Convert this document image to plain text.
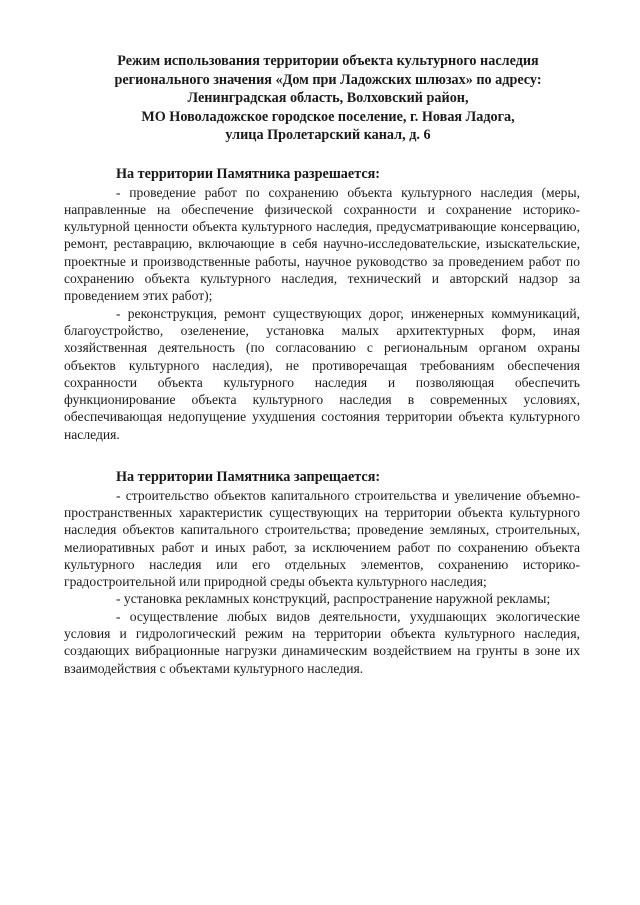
Режим использования территории объекта культурного наследия
регионального значения «Дом при Ладожских шлюзах» по адресу:
Ленинградская область, Волховский район,
МО Новоладожское городское поселение, г. Новая Ладога,
улица Пролетарский канал, д. 6

На территории Памятника разрешается:

- проведение работ по сохранению объекта культурного наследия (меры, направленные на обеспечение физической сохранности и сохранение историко-культурной ценности объекта культурного наследия, предусматривающие консервацию, ремонт, реставрацию, включающие в себя научно-исследовательские, изыскательские, проектные и производственные работы, научное руководство за проведением работ по сохранению объекта культурного наследия, технический и авторский надзор за проведением этих работ);

- реконструкция, ремонт существующих дорог, инженерных коммуникаций, благоустройство, озеленение, установка малых архитектурных форм, иная хозяйственная деятельность (по согласованию с региональным органом охраны объектов культурного наследия), не противоречащая требованиям обеспечения сохранности объекта культурного наследия и позволяющая обеспечить функционирование объекта культурного наследия в современных условиях, обеспечивающая недопущение ухудшения состояния территории объекта культурного наследия.

На территории Памятника запрещается:

- строительство объектов капитального строительства и увеличение объемно-пространственных характеристик существующих на территории объекта культурного наследия объектов капитального строительства; проведение земляных, строительных, мелиоративных работ и иных работ, за исключением работ по сохранению объекта культурного наследия или его отдельных элементов, сохранению историко-градостроительной или природной среды объекта культурного наследия;

- установка рекламных конструкций, распространение наружной рекламы;

- осуществление любых видов деятельности, ухудшающих экологические условия и гидрологический режим на территории объекта культурного наследия, создающих вибрационные нагрузки динамическим воздействием на грунты в зоне их взаимодействия с объектами культурного наследия.
